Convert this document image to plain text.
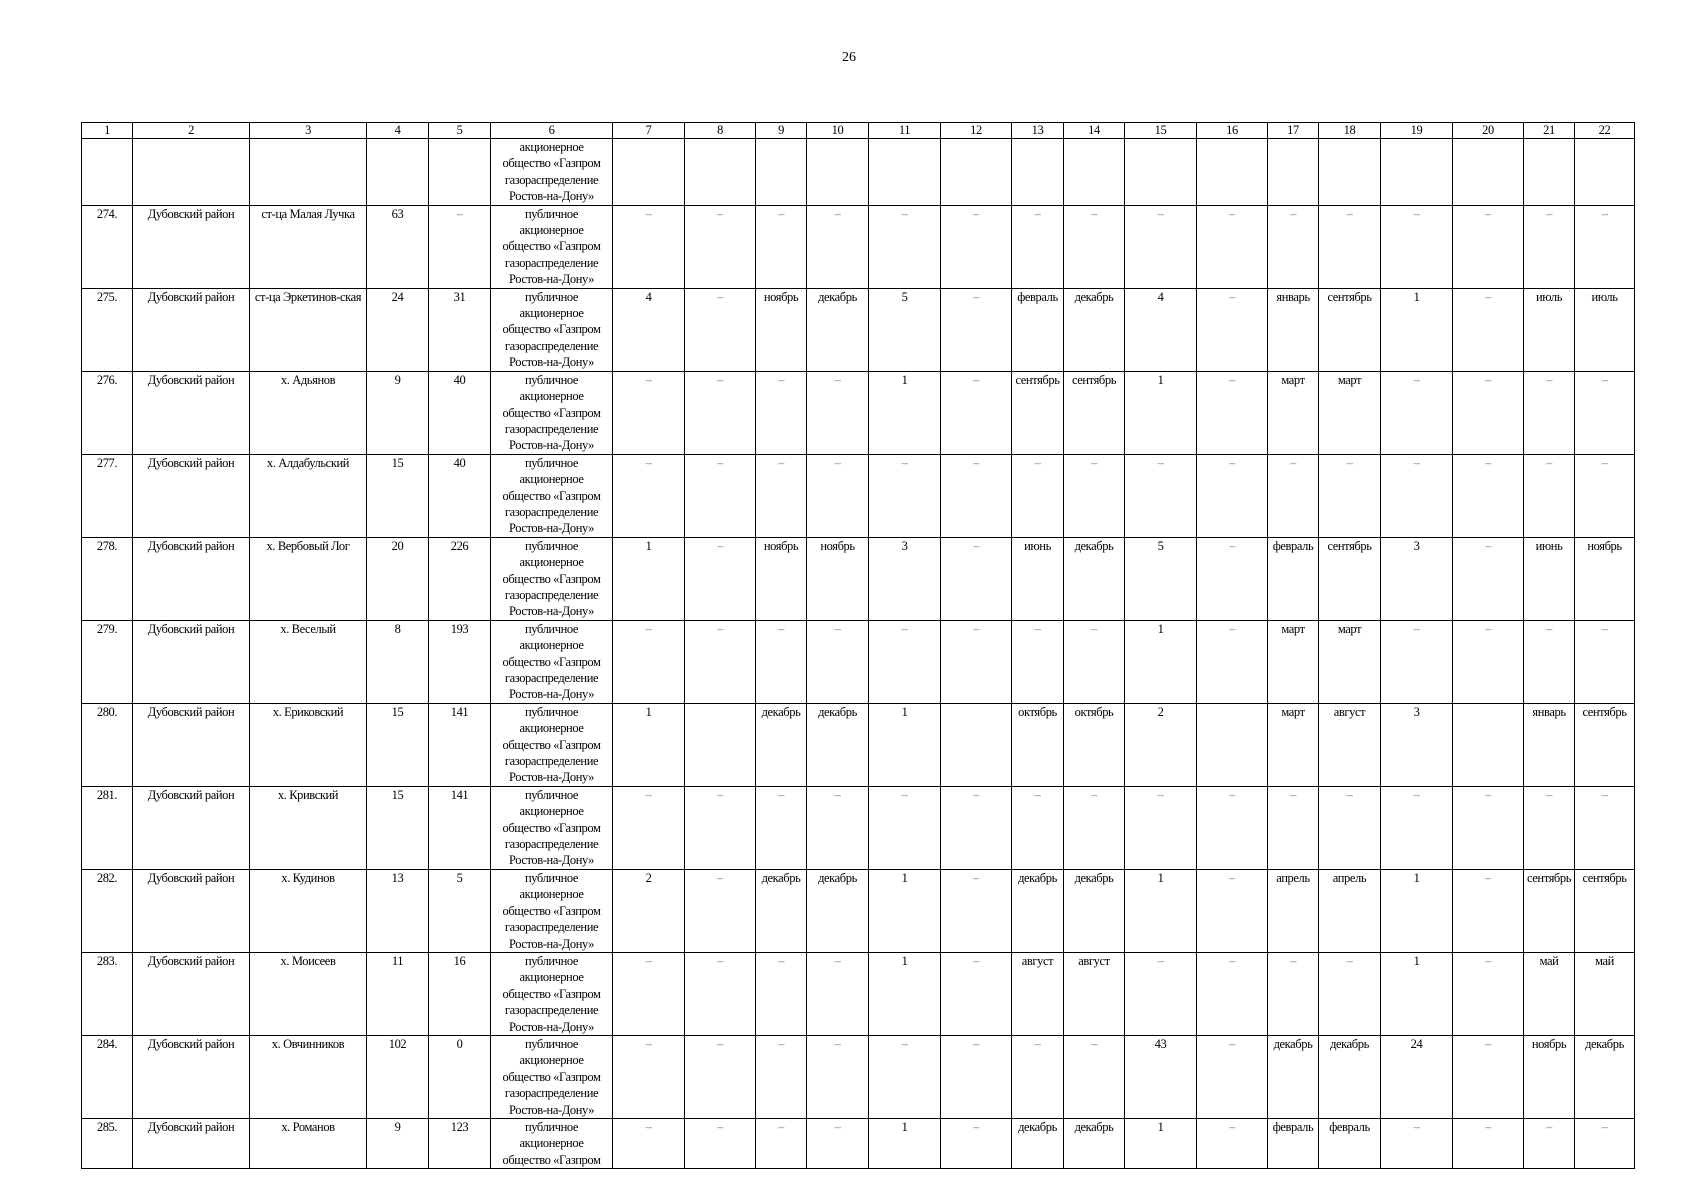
26
1	2	3	4	5	6	7	8	9	10	11	12	13	14	15	16	17	18	19	20	21	22

					акционерное
общество «Газпром
газораспределение
Ростов-на-Дону»																

274.	Дубовский район	ст-ца Малая Лучка	63	–	публичное
акционерное
общество «Газпром
газораспределение
Ростов-на-Дону»	–	–	–	–	–	–	–	–	–	–	–	–	–	–	–	–
275.	Дубовский район	ст-ца Эркетинов-ская	24	31	публичное
акционерное
общество «Газпром
газораспределение
Ростов-на-Дону»	4	–	ноябрь	декабрь	5	–	февраль	декабрь	4	–	январь	сентябрь	1	–	июль	июль
276.	Дубовский район	х. Адьянов	9	40	публичное
акционерное
общество «Газпром
газораспределение
Ростов-на-Дону»	–	–	–	–	1	–	сентябрь	сентябрь	1	–	март	март	–	–	–	–
277.	Дубовский район	х. Алдабульский	15	40	публичное
акционерное
общество «Газпром
газораспределение
Ростов-на-Дону»	–	–	–	–	–	–	–	–	–	–	–	–	–	–	–	–
278.	Дубовский район	х. Вербовый Лог	20	226	публичное
акционерное
общество «Газпром
газораспределение
Ростов-на-Дону»	1	–	ноябрь	ноябрь	3	–	июнь	декабрь	5	–	февраль	сентябрь	3	–	июнь	ноябрь
279.	Дубовский район	х. Веселый	8	193	публичное
акционерное
общество «Газпром
газораспределение
Ростов-на-Дону»	–	–	–	–	–	–	–	–	1	–	март	март	–	–	–	–
280.	Дубовский район	х. Ериковский	15	141	публичное
акционерное
общество «Газпром
газораспределение
Ростов-на-Дону»	1		декабрь	декабрь	1		октябрь	октябрь	2		март	август	3		январь	сентябрь
281.	Дубовский район	х. Кривский	15	141	публичное
акционерное
общество «Газпром
газораспределение
Ростов-на-Дону»	–	–	–	–	–	–	–	–	–	–	–	–	–	–	–	–
282.	Дубовский район	х. Кудинов	13	5	публичное
акционерное
общество «Газпром
газораспределение
Ростов-на-Дону»	2	–	декабрь	декабрь	1	–	декабрь	декабрь	1	–	апрель	апрель	1	–	сентябрь	сентябрь
283.	Дубовский район	х. Моисеев	11	16	публичное
акционерное
общество «Газпром
газораспределение
Ростов-на-Дону»	–	–	–	–	1	–	август	август	–	–	–	–	1	–	май	май
284.	Дубовский район	х. Овчинников	102	0	публичное
акционерное
общество «Газпром
газораспределение
Ростов-на-Дону»	–	–	–	–	–	–	–	–	43	–	декабрь	декабрь	24	–	ноябрь	декабрь
285.	Дубовский район	х. Романов	9	123	публичное
акционерное
общество «Газпром	–	–	–	–	1	–	декабрь	декабрь	1	–	февраль	февраль	–	–	–	–
